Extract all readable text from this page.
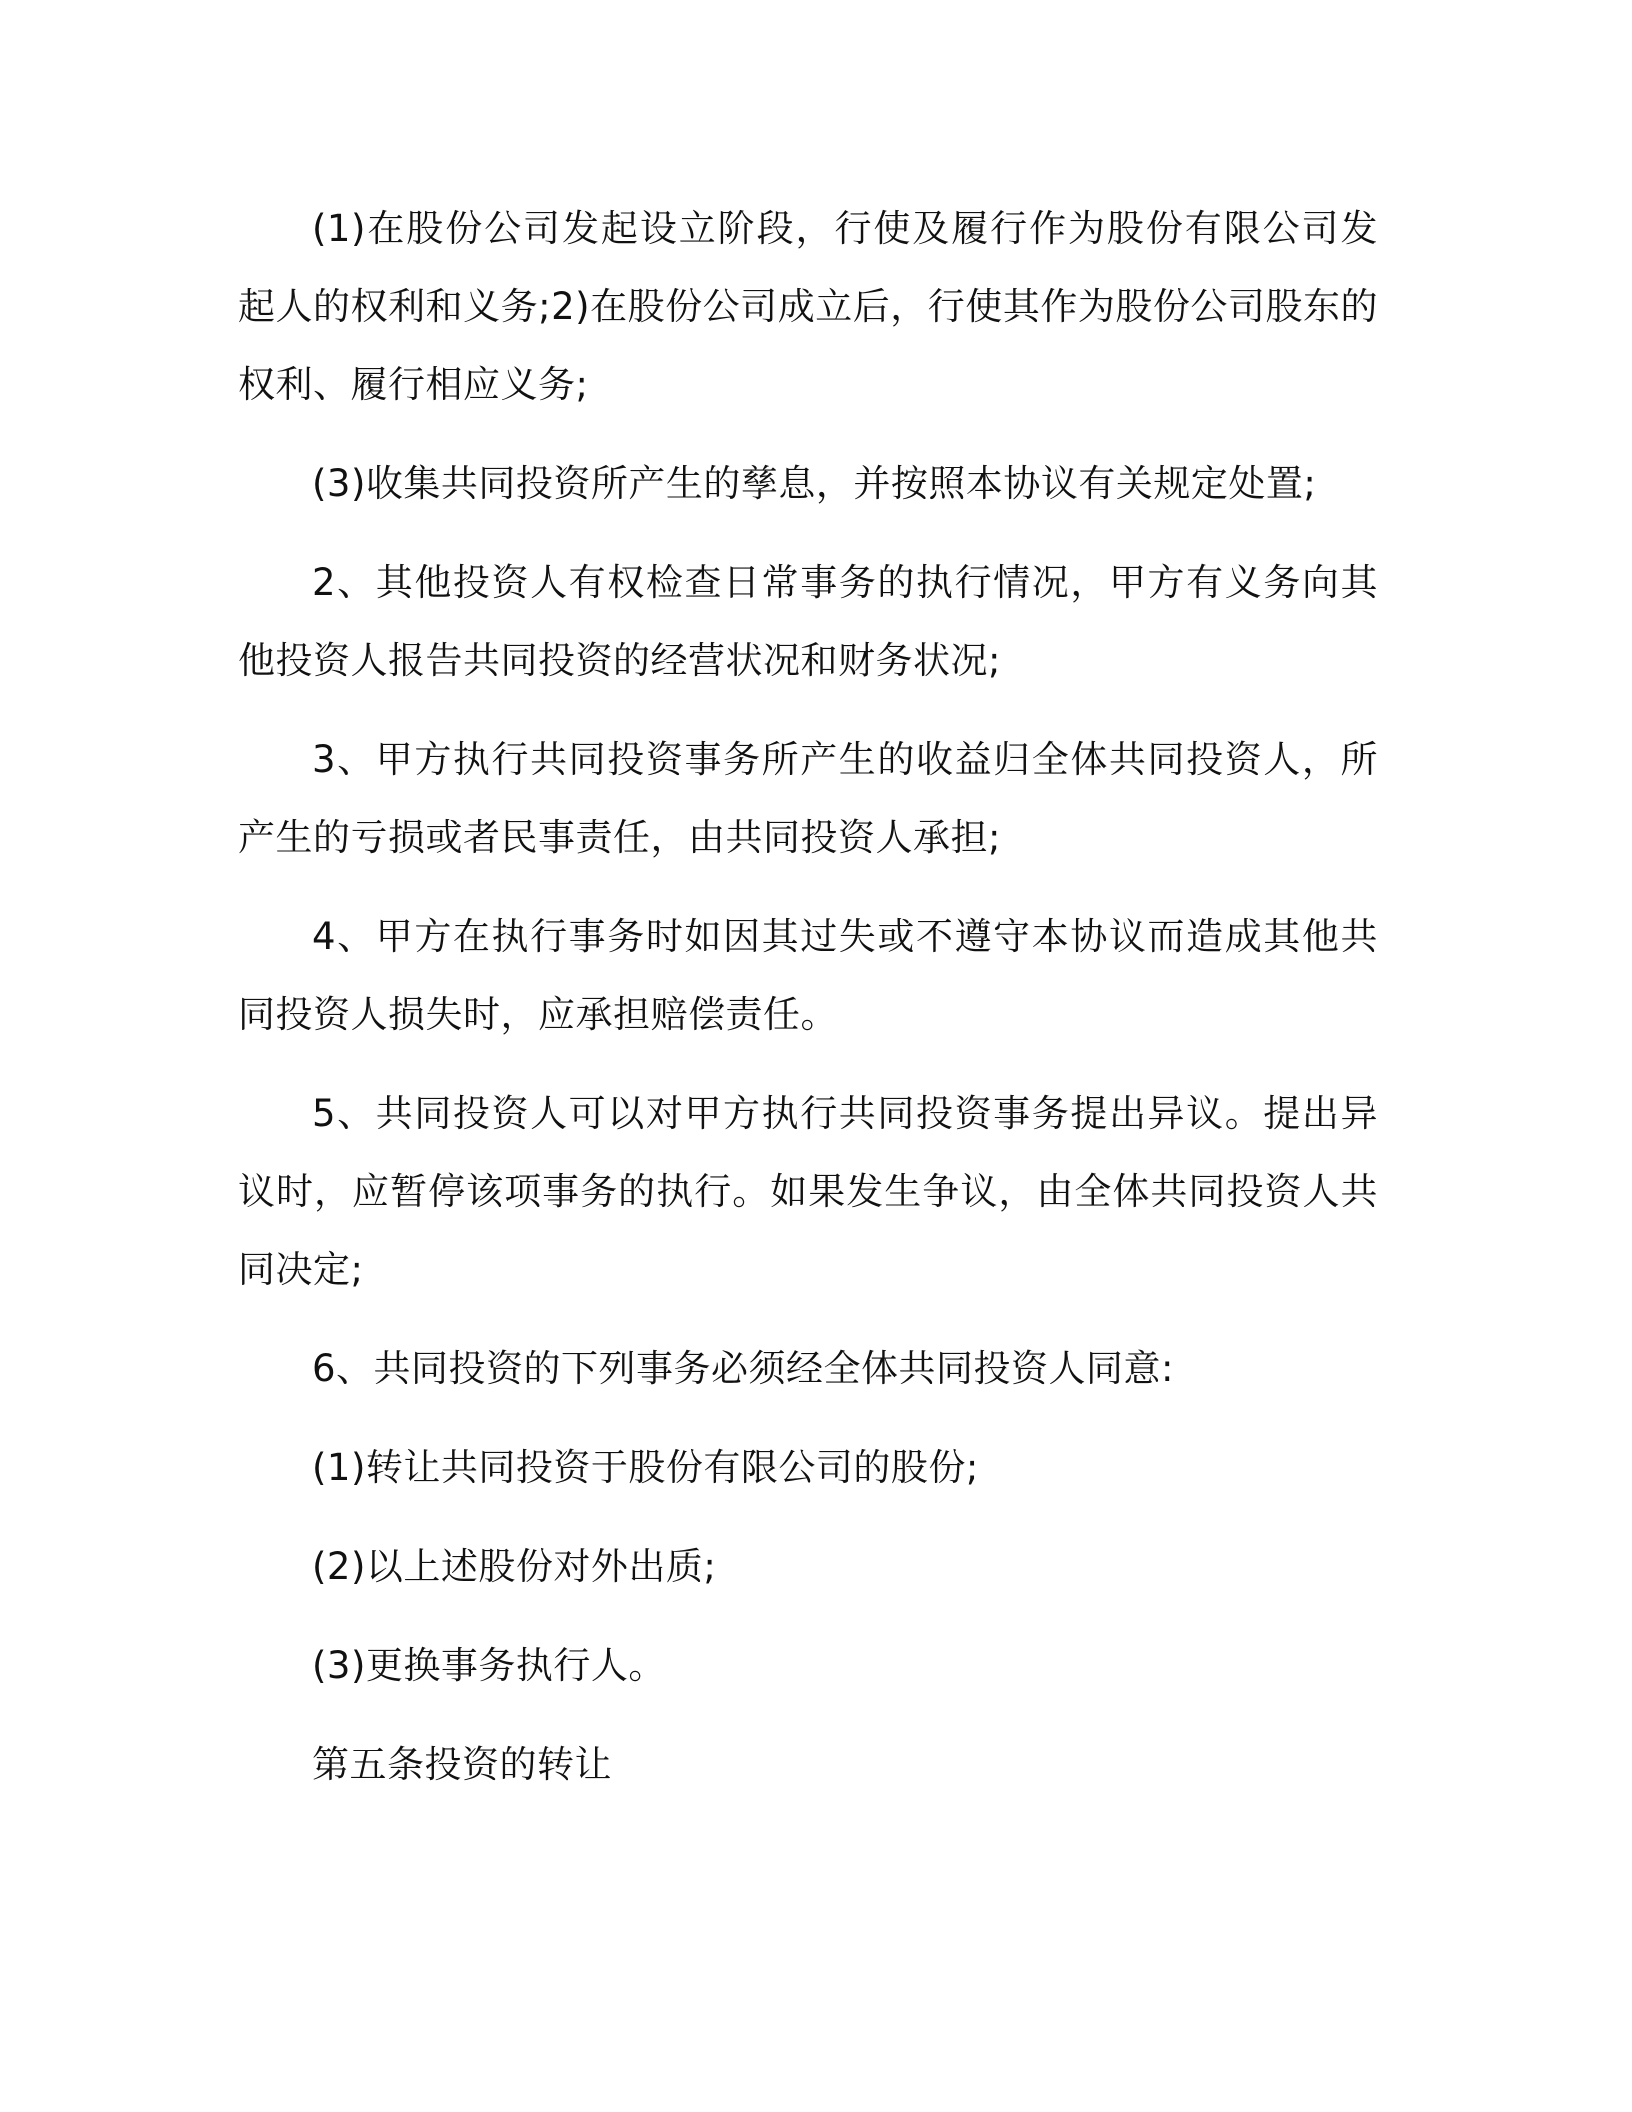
(1)在股份公司发起设立阶段，行使及履行作为股份有限公司发起人的权利和义务;2)在股份公司成立后，行使其作为股份公司股东的权利、履行相应义务;

(3)收集共同投资所产生的孳息，并按照本协议有关规定处置;

2、其他投资人有权检查日常事务的执行情况，甲方有义务向其他投资人报告共同投资的经营状况和财务状况;

3、甲方执行共同投资事务所产生的收益归全体共同投资人，所产生的亏损或者民事责任，由共同投资人承担;

4、甲方在执行事务时如因其过失或不遵守本协议而造成其他共同投资人损失时，应承担赔偿责任。

5、共同投资人可以对甲方执行共同投资事务提出异议。提出异议时，应暂停该项事务的执行。如果发生争议，由全体共同投资人共同决定;

6、共同投资的下列事务必须经全体共同投资人同意:

(1)转让共同投资于股份有限公司的股份;

(2)以上述股份对外出质;

(3)更换事务执行人。

第五条投资的转让
